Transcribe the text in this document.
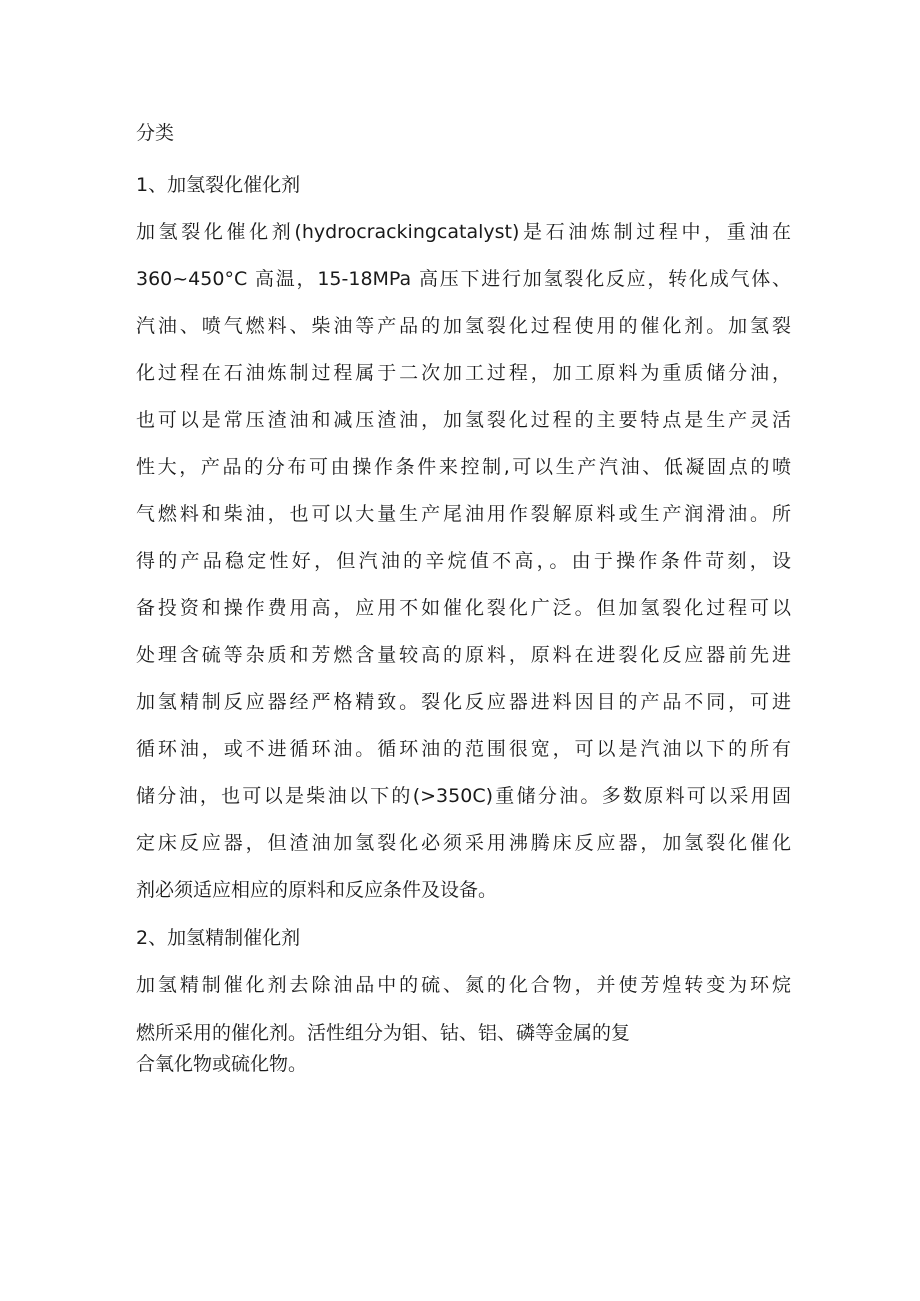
分类
1、加氢裂化催化剂
加氢裂化催化剂(hydrocrackingcatalyst)是石油炼制过程中，重油在
360~450°C 高温，15-18MPa 高压下进行加氢裂化反应，转化成气体、
汽油、喷气燃料、柴油等产品的加氢裂化过程使用的催化剂。加氢裂
化过程在石油炼制过程属于二次加工过程，加工原料为重质储分油，
也可以是常压渣油和减压渣油，加氢裂化过程的主要特点是生产灵活
性大，产品的分布可由操作条件来控制,可以生产汽油、低凝固点的喷
气燃料和柴油，也可以大量生产尾油用作裂解原料或生产润滑油。所
得的产品稳定性好，但汽油的辛烷值不高，。由于操作条件苛刻，设
备投资和操作费用高，应用不如催化裂化广泛。但加氢裂化过程可以
处理含硫等杂质和芳燃含量较高的原料，原料在进裂化反应器前先进
加氢精制反应器经严格精致。裂化反应器进料因目的产品不同，可进
循环油，或不进循环油。循环油的范围很宽，可以是汽油以下的所有
储分油，也可以是柴油以下的(>350C)重储分油。多数原料可以采用固
定床反应器，但渣油加氢裂化必须采用沸腾床反应器，加氢裂化催化
剂必须适应相应的原料和反应条件及设备。
2、加氢精制催化剂
加氢精制催化剂去除油品中的硫、氮的化合物，并使芳煌转变为环烷
燃所采用的催化剂。活性组分为钼、钴、铝、磷等金属的复
合氧化物或硫化物。
